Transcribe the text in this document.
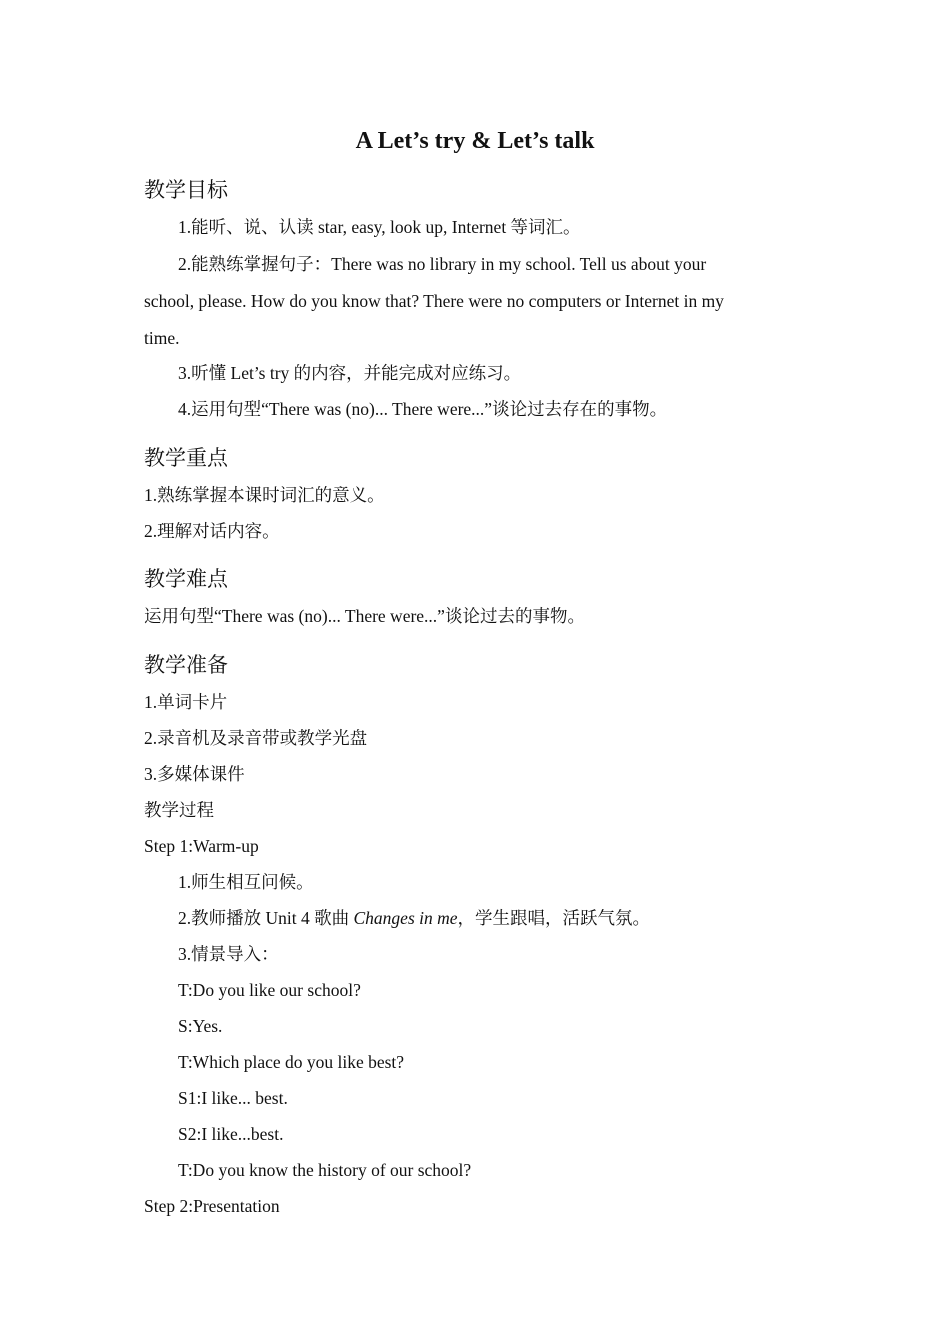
A Let’s try & Let’s talk
教学目标
1.能听、说、认读 star, easy, look up, Internet 等词汇。
2.能熟练掌握句子：There was no library in my school. Tell us about your
school, please. How do you know that? There were no computers or Internet in my
time.
3.听懂 Let’s try 的内容，并能完成对应练习。
4.运用句型“There was (no)... There were...”谈论过去存在的事物。
教学重点
1.熟练掌握本课时词汇的意义。
2.理解对话内容。
教学难点
运用句型“There was (no)... There were...”谈论过去的事物。
教学准备
1.单词卡片
2.录音机及录音带或教学光盘
3.多媒体课件
教学过程
Step 1:Warm-up
1.师生相互问候。
2.教师播放 Unit 4 歌曲 Changes in me，学生跟唱，活跃气氛。
3.情景导入：
T:Do you like our school?
S:Yes.
T:Which place do you like best?
S1:I like... best.
S2:I like...best.
T:Do you know the history of our school?
Step 2:Presentation
